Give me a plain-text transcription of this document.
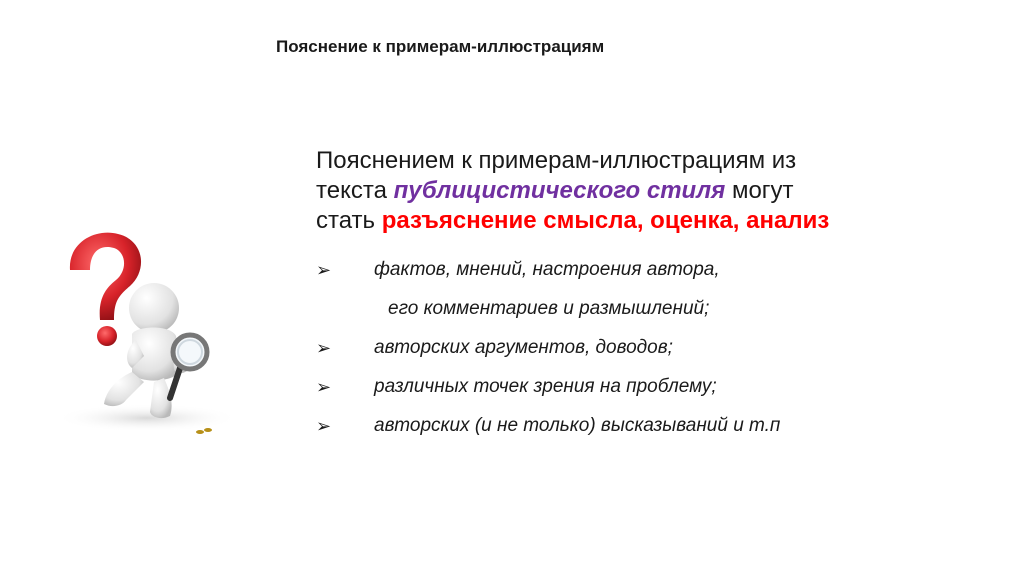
Пояснение к примерам-иллюстрациям
Пояснением к примерам-иллюстрациям из
текста публицистического стиля могут
стать разъяснение смысла, оценка, анализ
➢ фактов, мнений, настроения автора,
его комментариев и размышлений;
➢ авторских аргументов, доводов;
➢ различных точек зрения на проблему;
➢ авторских (и не только) высказываний и т.п
